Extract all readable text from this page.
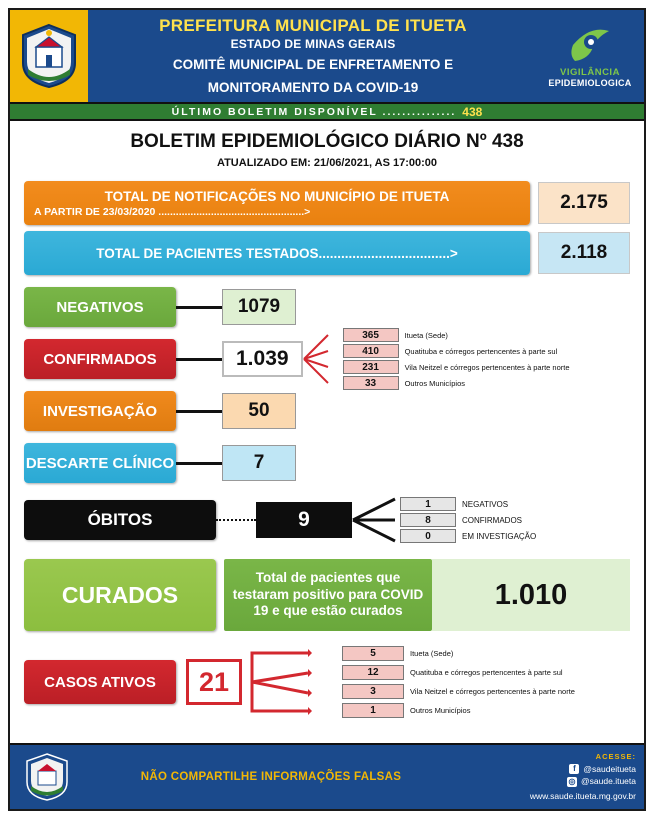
PREFEITURA MUNICIPAL DE ITUETA
ESTADO DE MINAS GERAIS
COMITÊ MUNICIPAL DE ENFRETAMENTO E
MONITORAMENTO DA COVID-19
VIGILÂNCIA
EPIDEMIOLOGICA
ÚLTIMO BOLETIM DISPONÍVEL ............... 438
BOLETIM EPIDEMIOLÓGICO DIÁRIO Nº 438
ATUALIZADO EM: 21/06/2021, AS 17:00:00
TOTAL DE NOTIFICAÇÕES NO MUNICÍPIO DE ITUETA
A PARTIR DE 23/03/2020 ..................................................>	2.175
TOTAL DE PACIENTES TESTADOS...................................>	2.118
NEGATIVOS	1079
CONFIRMADOS	1.039
365	Itueta (Sede)
410	Quatituba e córregos pertencentes à parte sul
231	Vila Neitzel e córregos pertencentes à parte norte
33	Outros Municípios
INVESTIGAÇÃO	50
DESCARTE CLÍNICO	7
ÓBITOS	9
1	NEGATIVOS
8	CONFIRMADOS
0	EM INVESTIGAÇÃO
CURADOS
Total de pacientes que testaram positivo para COVID 19 e que estão curados
1.010
CASOS ATIVOS	21
5	Itueta (Sede)
12	Quatituba e córregos pertencentes à parte sul
3	Vila Neitzel e córregos pertencentes à parte norte
1	Outros Municípios
NÃO COMPARTILHE INFORMAÇÕES FALSAS
ACESSE:
f @saudeitueta
◎ @saude.itueta
www.saude.itueta.mg.gov.br
